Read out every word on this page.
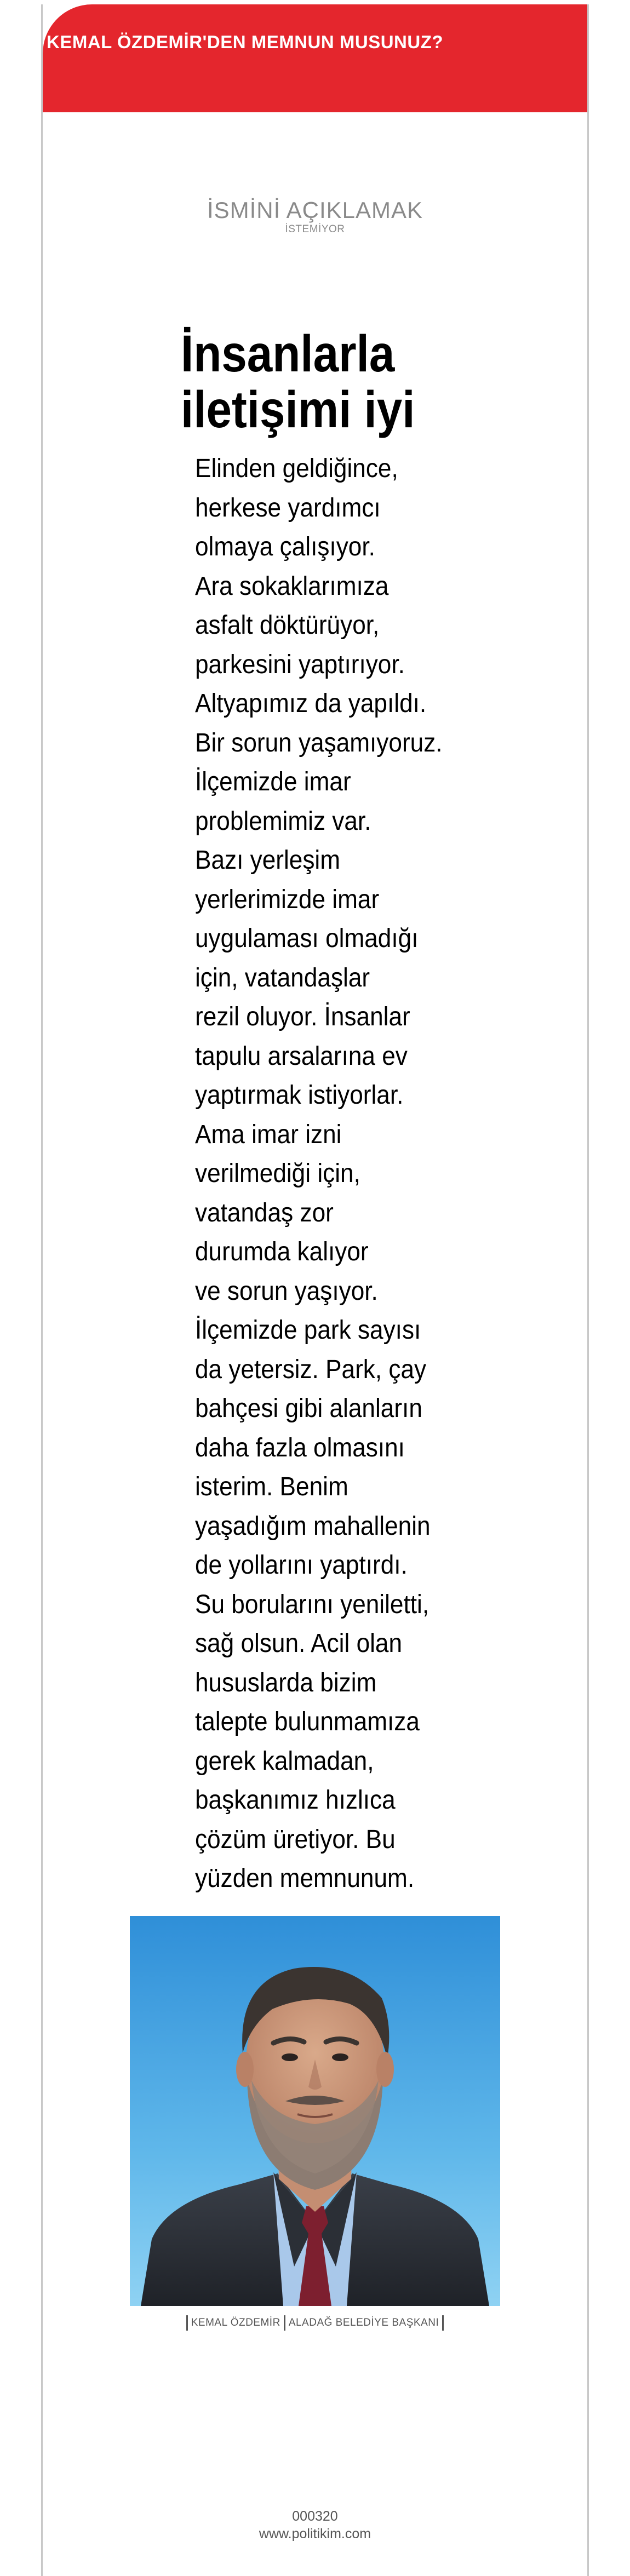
KEMAL ÖZDEMİR'DEN MEMNUN MUSUNUZ?
İSMİNİ AÇIKLAMAK
İSTEMİYOR
İnsanlarla
iletişimi iyi
Elinden geldiğince,
herkese yardımcı
olmaya çalışıyor.
Ara sokaklarımıza
asfalt döktürüyor,
parkesini yaptırıyor.
Altyapımız da yapıldı.
Bir sorun yaşamıyoruz.
İlçemizde imar
problemimiz var.
Bazı yerleşim
yerlerimizde imar
uygulaması olmadığı
için, vatandaşlar
rezil oluyor. İnsanlar
tapulu arsalarına ev
yaptırmak istiyorlar.
Ama imar izni
verilmediği için,
vatandaş zor
durumda kalıyor
ve sorun yaşıyor.
İlçemizde park sayısı
da yetersiz. Park, çay
bahçesi gibi alanların
daha fazla olmasını
isterim. Benim
yaşadığım mahallenin
de yollarını yaptırdı.
Su borularını yeniletti,
sağ olsun. Acil olan
hususlarda bizim
talepte bulunmamıza
gerek kalmadan,
başkanımız hızlıca
çözüm üretiyor. Bu
yüzden memnunum.
KEMAL ÖZDEMİR ALADAĞ BELEDİYE BAŞKANI
000320
www.politikim.com
